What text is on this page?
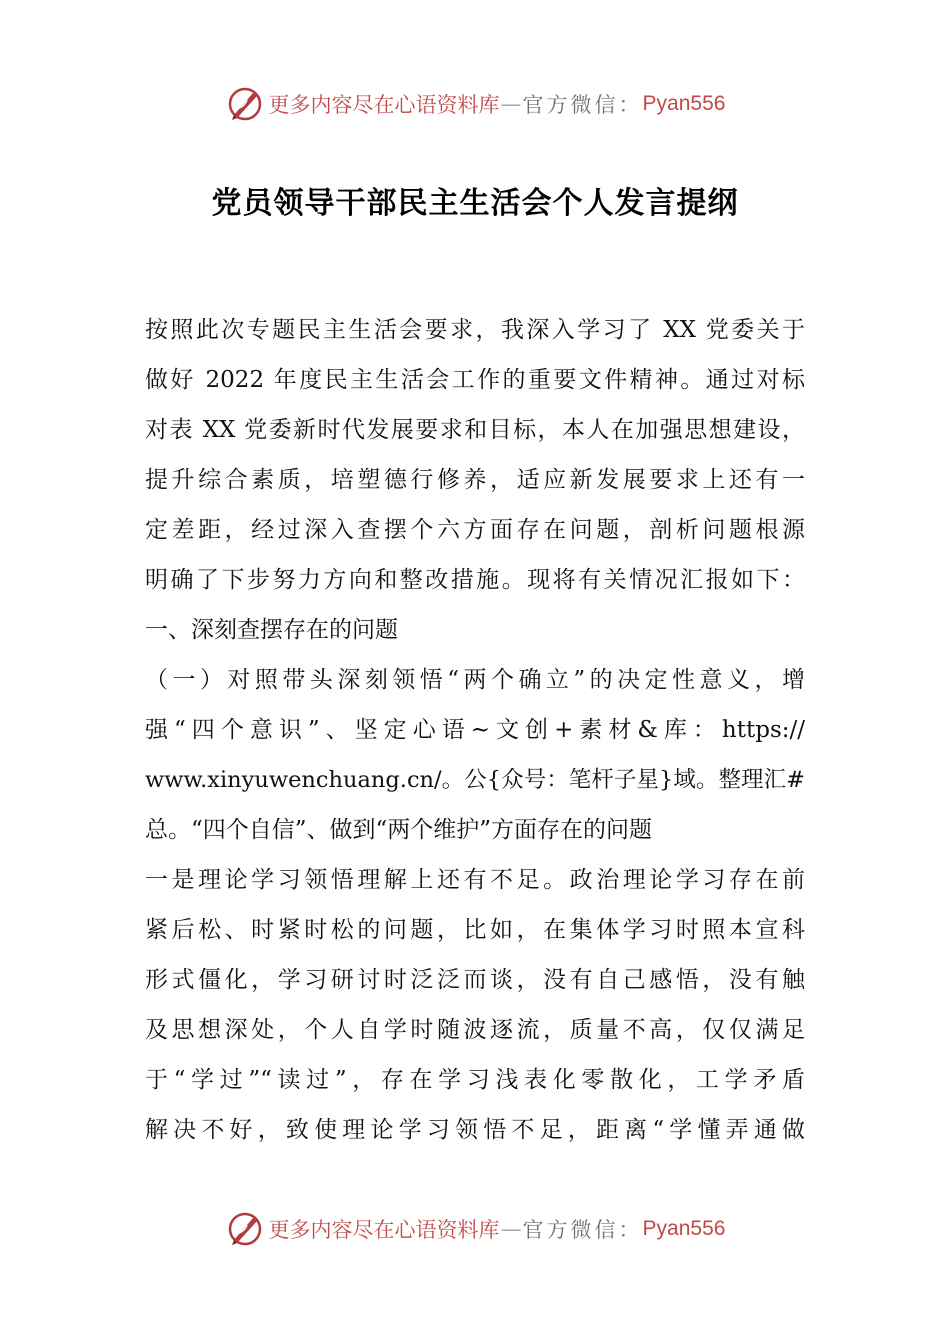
更多内容尽在心语资料库 — 官方微信： Pyan556
党员领导干部民主生活会个人发言提纲
按照此次专题民主生活会要求，我深入学习了 XX 党委关于
做好 2022 年度民主生活会工作的重要文件精神。通过对标
对表 XX 党委新时代发展要求和目标，本人在加强思想建设，
提升综合素质，培塑德行修养，适应新发展要求上还有一
定差距，经过深入查摆个六方面存在问题，剖析问题根源
明确了下步努力方向和整改措施。现将有关情况汇报如下：
一、深刻查摆存在的问题
（一）对照带头深刻领悟“两个确立”的决定性意义，增
强“四个意识”、坚定心语~文创+素材&库：https://
www.xinyuwenchuang.cn/。公{众号：笔杆子星}域。整理汇#
总。“四个自信”、做到“两个维护”方面存在的问题
一是理论学习领悟理解上还有不足。政治理论学习存在前
紧后松、时紧时松的问题，比如，在集体学习时照本宣科
形式僵化，学习研讨时泛泛而谈，没有自己感悟，没有触
及思想深处，个人自学时随波逐流，质量不高，仅仅满足
于“学过”“读过”，存在学习浅表化零散化，工学矛盾
解决不好，致使理论学习领悟不足，距离“学懂弄通做
更多内容尽在心语资料库 — 官方微信： Pyan556
